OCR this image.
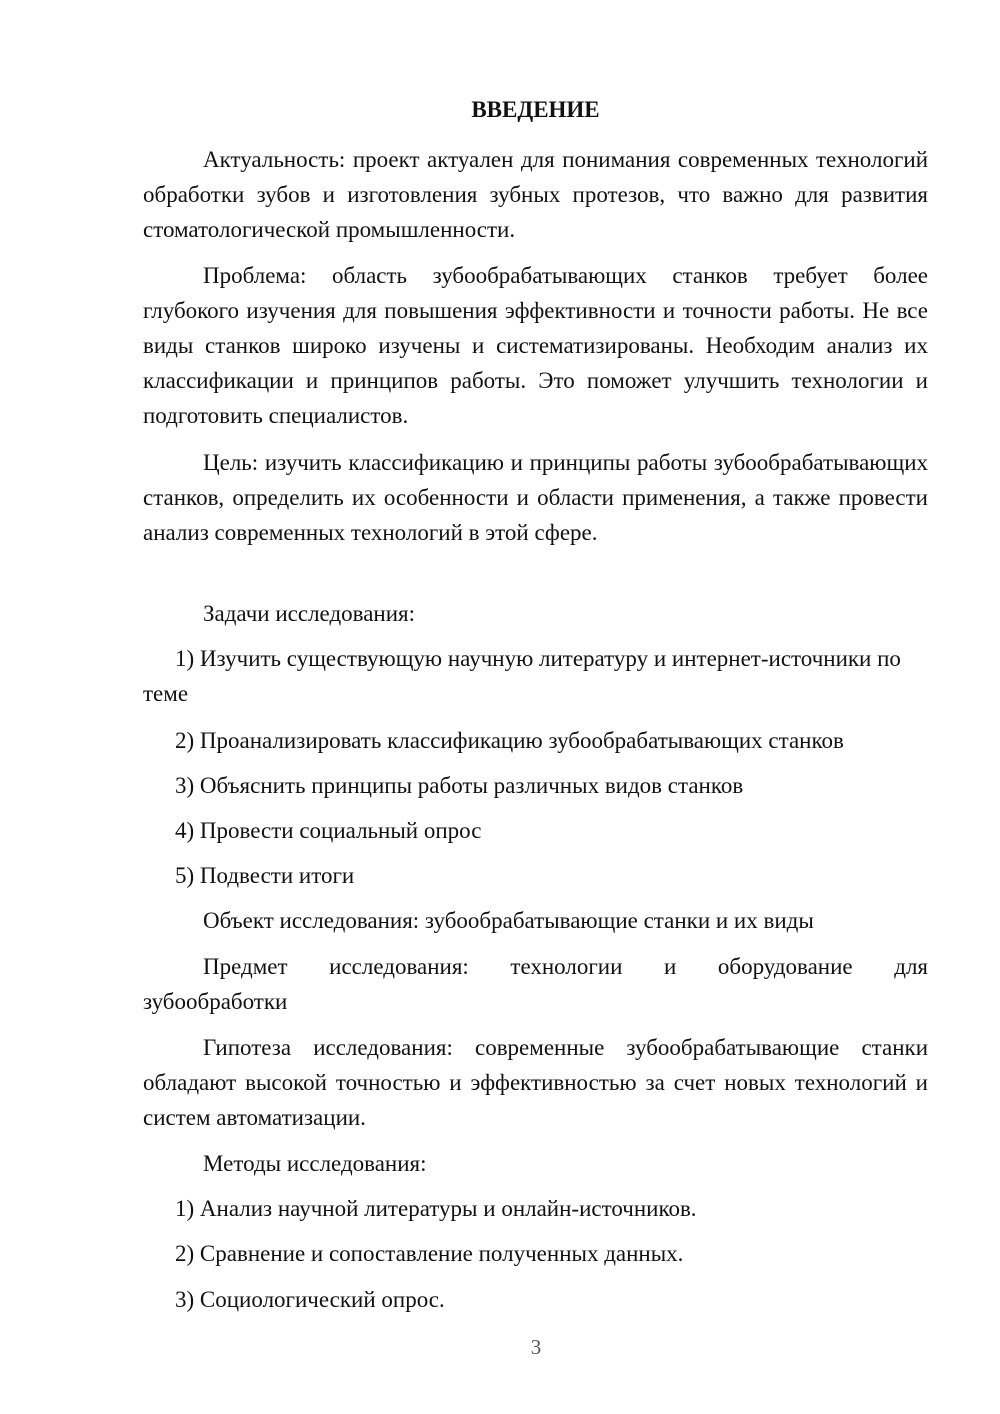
ВВЕДЕНИЕ

Актуальность: проект актуален для понимания современных технологий обработки зубов и изготовления зубных протезов, что важно для развития стоматологической промышленности.

Проблема: область зубообрабатывающих станков требует более глубокого изучения для повышения эффективности и точности работы. Не все виды станков широко изучены и систематизированы. Необходим анализ их классификации и принципов работы. Это поможет улучшить технологии и подготовить специалистов.

Цель: изучить классификацию и принципы работы зубообрабатывающих станков, определить их особенности и области применения, а также провести анализ современных технологий в этой сфере.

Задачи исследования:

1) Изучить существующую научную литературу и интернет-источники по теме

2) Проанализировать классификацию зубообрабатывающих станков

3) Объяснить принципы работы различных видов станков

4) Провести социальный опрос

5) Подвести итоги

Объект исследования: зубообрабатывающие станки и их виды

Предмет исследования: технологии и оборудование для

зубообработки

Гипотеза исследования: современные зубообрабатывающие станки обладают высокой точностью и эффективностью за счет новых технологий и систем автоматизации.

Методы исследования:

1) Анализ научной литературы и онлайн-источников.

2) Сравнение и сопоставление полученных данных.

3) Социологический опрос.

3
